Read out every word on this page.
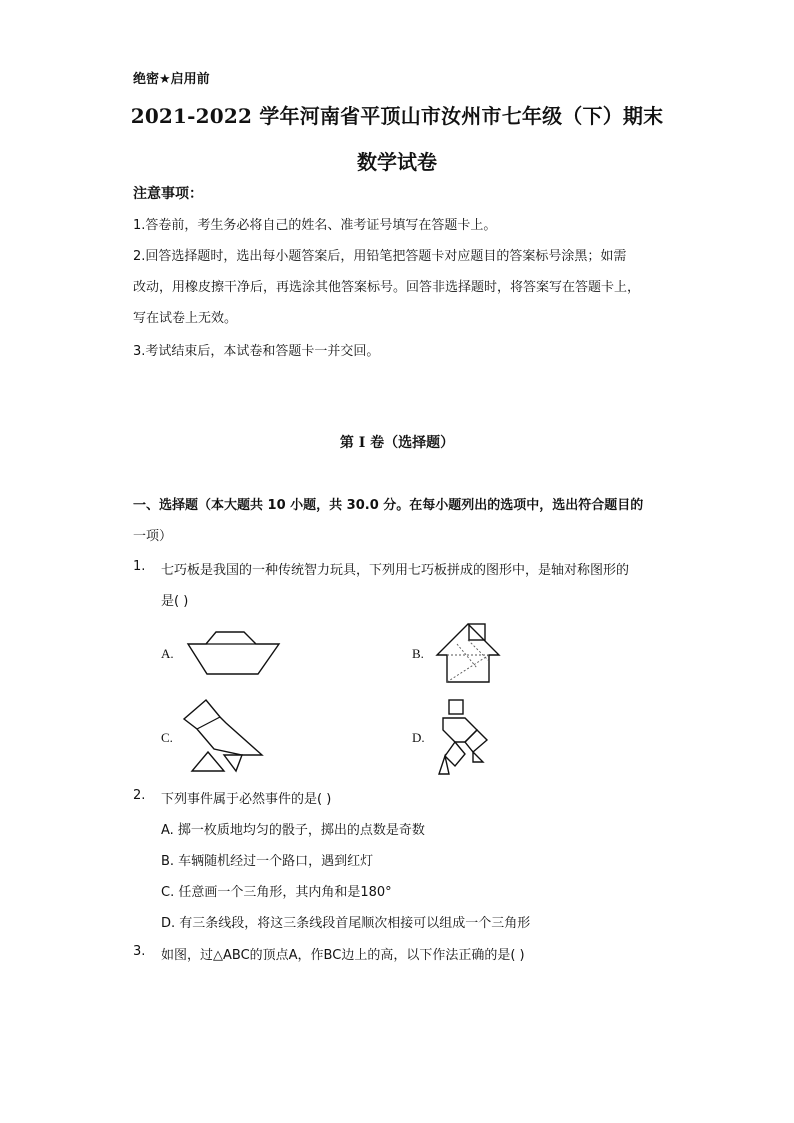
绝密★启用前
2021-2022 学年河南省平顶山市汝州市七年级（下）期末
数学试卷
注意事项：
1.答卷前，考生务必将自己的姓名、准考证号填写在答题卡上。
2.回答选择题时，选出每小题答案后，用铅笔把答题卡对应题目的答案标号涂黑；如需
改动，用橡皮擦干净后，再选涂其他答案标号。回答非选择题时，将答案写在答题卡上，
写在试卷上无效。
3.考试结束后，本试卷和答题卡一并交回。
第 I 卷（选择题）
一、选择题（本大题共 10 小题，共 30.0 分。在每小题列出的选项中，选出符合题目的
一项）
1. 七巧板是我国的一种传统智力玩具，下列用七巧板拼成的图形中，是轴对称图形的
是( )
A.	B.
C.	D.
2. 下列事件属于必然事件的是( )
A. 掷一枚质地均匀的骰子，掷出的点数是奇数
B. 车辆随机经过一个路口，遇到红灯
C. 任意画一个三角形，其内角和是180°
D. 有三条线段，将这三条线段首尾顺次相接可以组成一个三角形
3. 如图，过△ABC的顶点A，作BC边上的高，以下作法正确的是( )
